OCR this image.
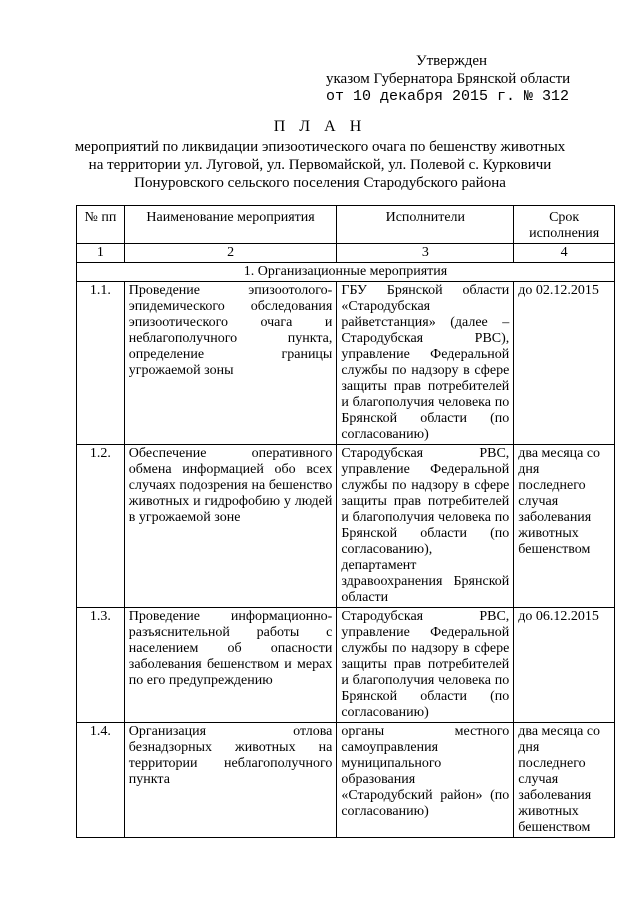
Утвержден
указом Губернатора Брянской области
от 10 декабря 2015 г. № 312
П Л А Н
мероприятий по ликвидации эпизоотического очага по бешенству животных
на территории ул. Луговой, ул. Первомайской, ул. Полевой с. Курковичи
Понуровского сельского поселения Стародубского района
№ пп	Наименование мероприятия	Исполнители	Срок исполнения
1	2	3	4
1. Организационные мероприятия			
1.1.	Проведение эпизоотолого-эпидемического обследования эпизоотического очага и неблагополучного пункта, определение границы угрожаемой зоны	ГБУ Брянской области «Стародубская райветстанция» (далее – Стародубская РВС), управление Федеральной службы по надзору в сфере защиты прав потребителей и благополучия человека по Брянской области (по согласованию)	до 02.12.2015
1.2.	Обеспечение оперативного обмена информацией обо всех случаях подозрения на бешенство животных и гидрофобию у людей в угрожаемой зоне	Стародубская РВС, управление Федеральной службы по надзору в сфере защиты прав потребителей и благополучия человека по Брянской области (по согласованию), департамент здравоохранения Брянской области	два месяца со дня последнего случая заболевания животных бешенством
1.3.	Проведение информационно-разъяснительной работы с населением об опасности заболевания бешенством и мерах по его предупреждению	Стародубская РВС, управление Федеральной службы по надзору в сфере защиты прав потребителей и благополучия человека по Брянской области (по согласованию)	до 06.12.2015
1.4.	Организация отлова безнадзорных животных на территории неблагополучного пункта	органы местного самоуправления муниципального образования «Стародубский район» (по согласованию)	два месяца со дня последнего случая заболевания животных бешенством
